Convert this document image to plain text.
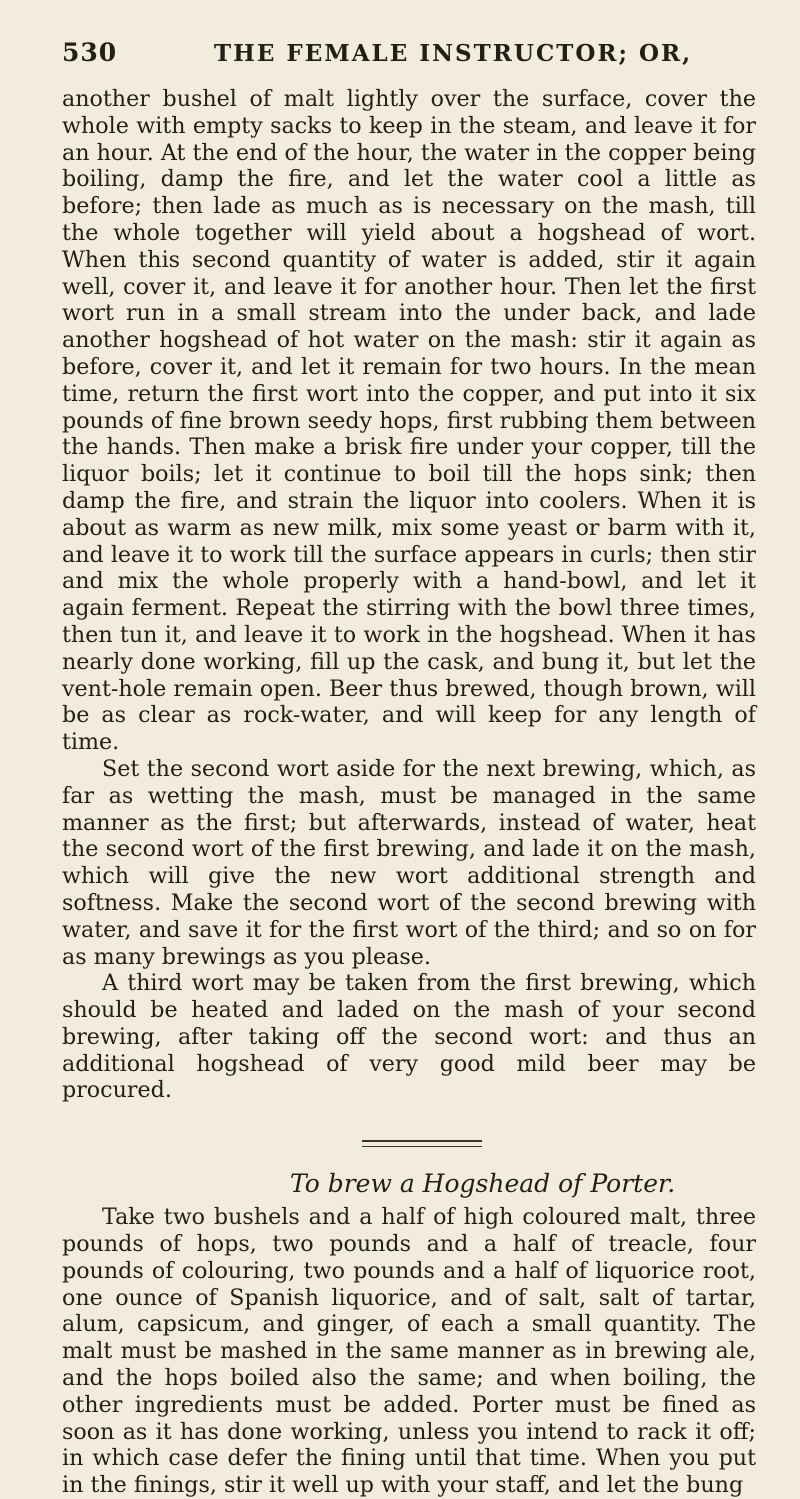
530	THE FEMALE INSTRUCTOR; OR,

another bushel of malt lightly over the surface, cover the whole with empty sacks to keep in the steam, and leave it for an hour. At the end of the hour, the water in the copper being boiling, damp the fire, and let the water cool a little as before; then lade as much as is necessary on the mash, till the whole together will yield about a hogshead of wort. When this second quantity of water is added, stir it again well, cover it, and leave it for another hour. Then let the first wort run in a small stream into the under back, and lade another hogshead of hot water on the mash: stir it again as before, cover it, and let it remain for two hours. In the mean time, return the first wort into the copper, and put into it six pounds of fine brown seedy hops, first rubbing them between the hands. Then make a brisk fire under your copper, till the liquor boils; let it continue to boil till the hops sink; then damp the fire, and strain the liquor into coolers. When it is about as warm as new milk, mix some yeast or barm with it, and leave it to work till the surface appears in curls; then stir and mix the whole properly with a hand-bowl, and let it again ferment. Repeat the stirring with the bowl three times, then tun it, and leave it to work in the hogshead. When it has nearly done working, fill up the cask, and bung it, but let the vent-hole remain open. Beer thus brewed, though brown, will be as clear as rock-water, and will keep for any length of time.

Set the second wort aside for the next brewing, which, as far as wetting the mash, must be managed in the same manner as the first; but afterwards, instead of water, heat the second wort of the first brewing, and lade it on the mash, which will give the new wort additional strength and softness. Make the second wort of the second brewing with water, and save it for the first wort of the third; and so on for as many brewings as you please.

A third wort may be taken from the first brewing, which should be heated and laded on the mash of your second brewing, after taking off the second wort: and thus an additional hogshead of very good mild beer may be procured.

To brew a Hogshead of Porter.

Take two bushels and a half of high coloured malt, three pounds of hops, two pounds and a half of treacle, four pounds of colouring, two pounds and a half of liquorice root, one ounce of Spanish liquorice, and of salt, salt of tartar, alum, capsicum, and ginger, of each a small quantity. The malt must be mashed in the same manner as in brewing ale, and the hops boiled also the same; and when boiling, the other ingredients must be added. Porter must be fined as soon as it has done working, unless you intend to rack it off; in which case defer the fining until that time. When you put in the finings, stir it well up with your staff, and let the bung
